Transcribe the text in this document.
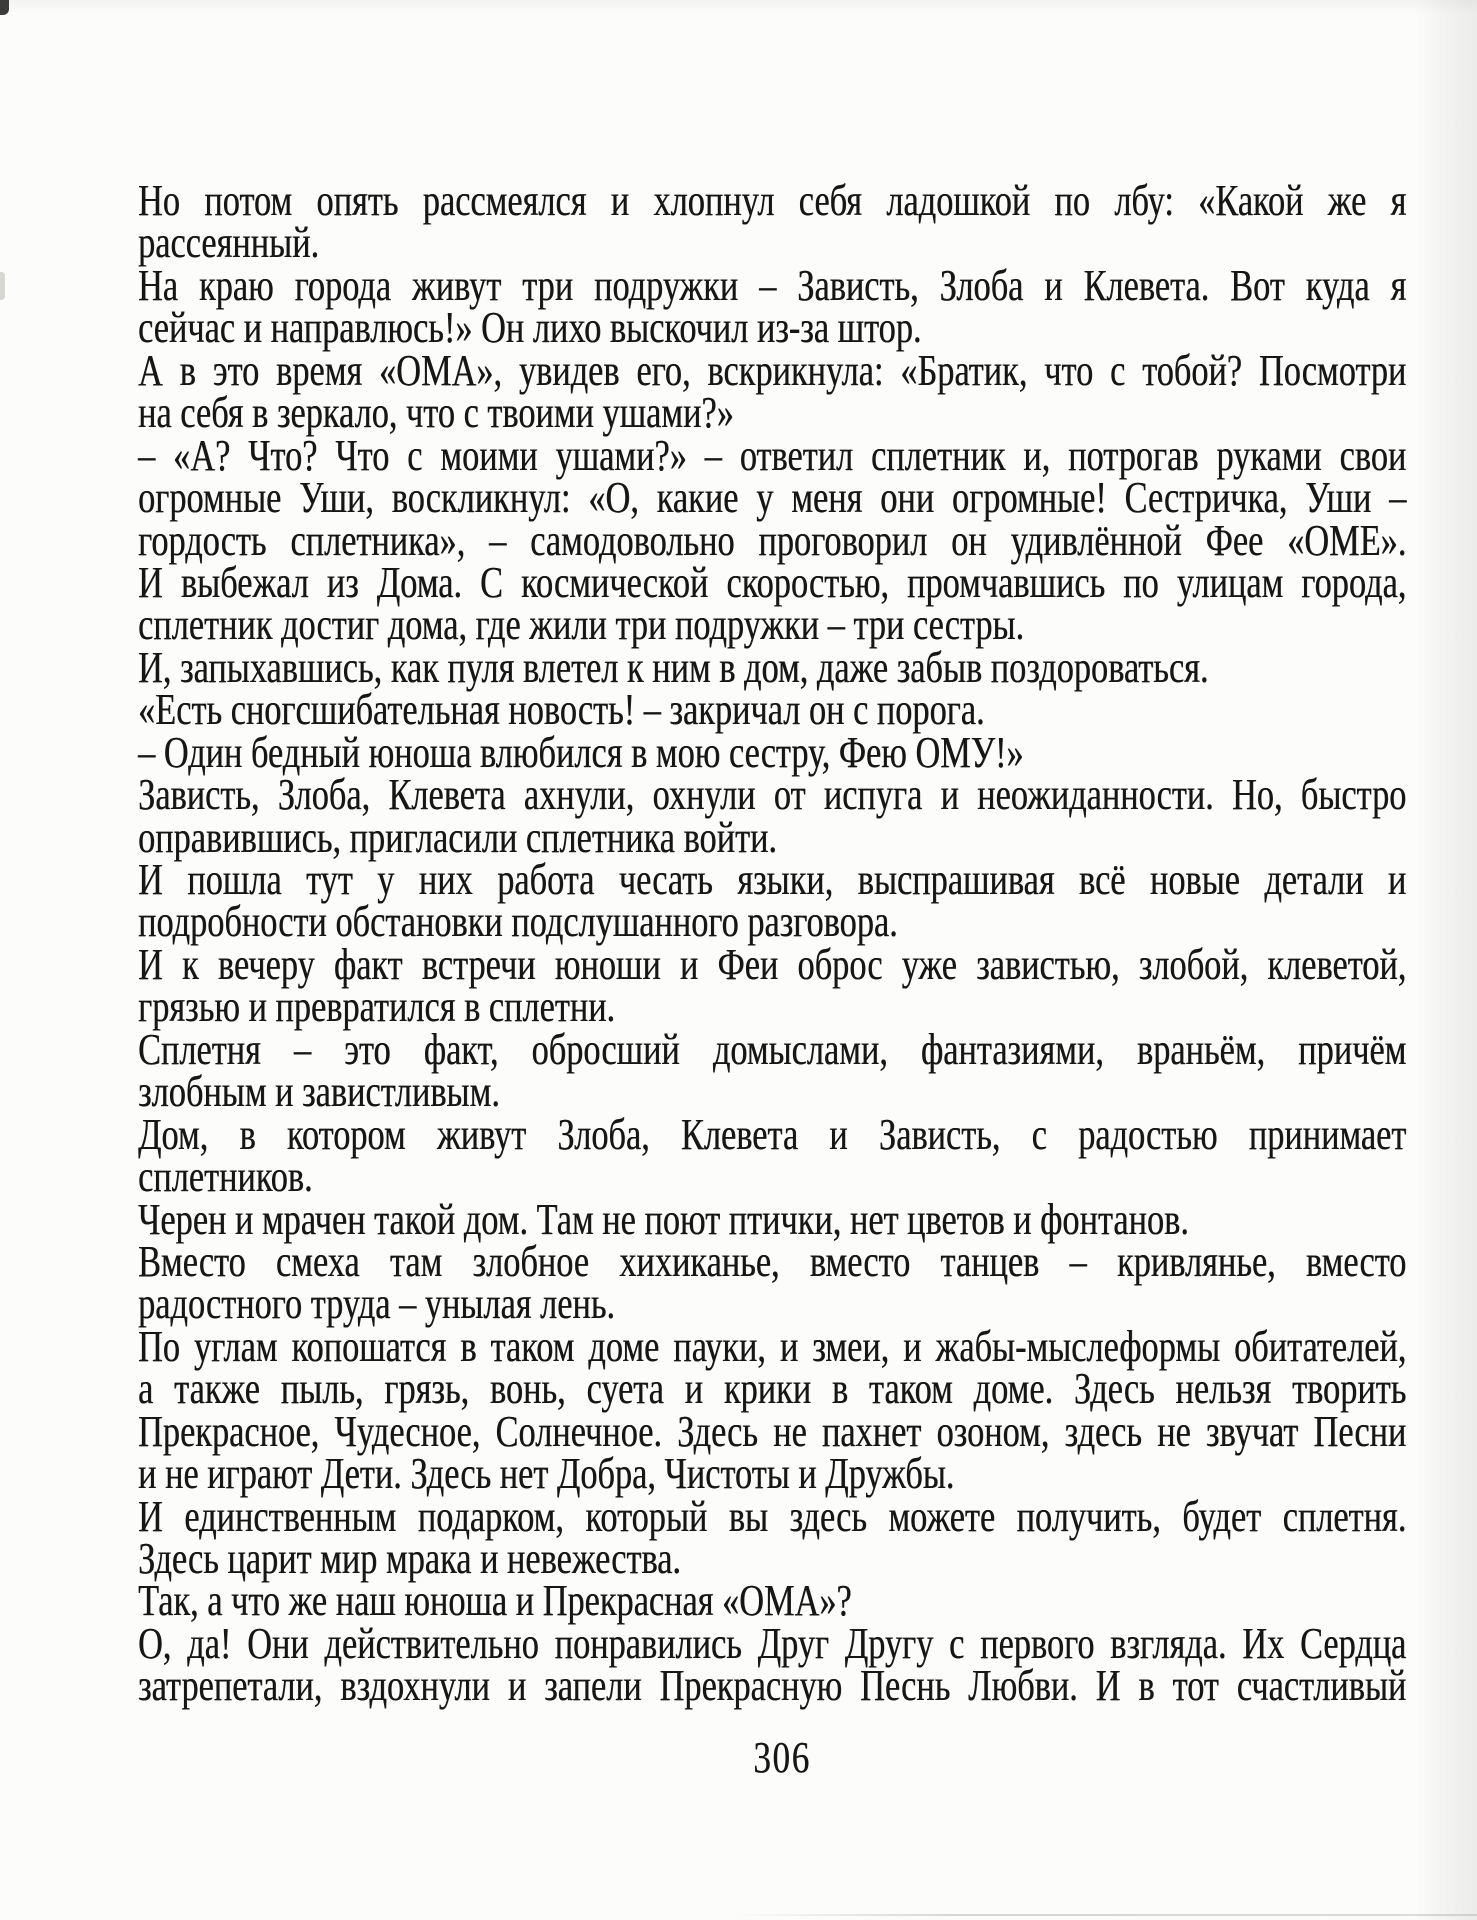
Но потом опять рассмеялся и хлопнул себя ладошкой по лбу: «Какой же я
рассеянный.
На краю города живут три подружки – Зависть, Злоба и Клевета. Вот куда я
сейчас и направлюсь!» Он лихо выскочил из-за штор.
А в это время «ОМА», увидев его, вскрикнула: «Братик, что с тобой? Посмотри
на себя в зеркало, что с твоими ушами?»
– «А? Что? Что с моими ушами?» – ответил сплетник и, потрогав руками свои
огромные Уши, воскликнул: «О, какие у меня они огромные! Сестричка, Уши –
гордость сплетника», – самодовольно проговорил он удивлённой Фее «ОМЕ».
И выбежал из Дома. С космической скоростью, промчавшись по улицам города,
сплетник достиг дома, где жили три подружки – три сестры.
И, запыхавшись, как пуля влетел к ним в дом, даже забыв поздороваться.
«Есть сногсшибательная новость! – закричал он с порога.
– Один бедный юноша влюбился в мою сестру, Фею ОМУ!»
Зависть, Злоба, Клевета ахнули, охнули от испуга и неожиданности. Но, быстро
оправившись, пригласили сплетника войти.
И пошла тут у них работа чесать языки, выспрашивая всё новые детали и
подробности обстановки подслушанного разговора.
И к вечеру факт встречи юноши и Феи оброс уже завистью, злобой, клеветой,
грязью и превратился в сплетни.
Сплетня – это факт, обросший домыслами, фантазиями, враньём, причём
злобным и завистливым.
Дом, в котором живут Злоба, Клевета и Зависть, с радостью принимает
сплетников.
Черен и мрачен такой дом. Там не поют птички, нет цветов и фонтанов.
Вместо смеха там злобное хихиканье, вместо танцев – кривлянье, вместо
радостного труда – унылая лень.
По углам копошатся в таком доме пауки, и змеи, и жабы-мыслеформы обитателей,
а также пыль, грязь, вонь, суета и крики в таком доме. Здесь нельзя творить
Прекрасное, Чудесное, Солнечное. Здесь не пахнет озоном, здесь не звучат Песни
и не играют Дети. Здесь нет Добра, Чистоты и Дружбы.
И единственным подарком, который вы здесь можете получить, будет сплетня.
Здесь царит мир мрака и невежества.
Так, а что же наш юноша и Прекрасная «ОМА»?
О, да! Они действительно понравились Друг Другу с первого взгляда. Их Сердца
затрепетали, вздохнули и запели Прекрасную Песнь Любви. И в тот счастливый
306
